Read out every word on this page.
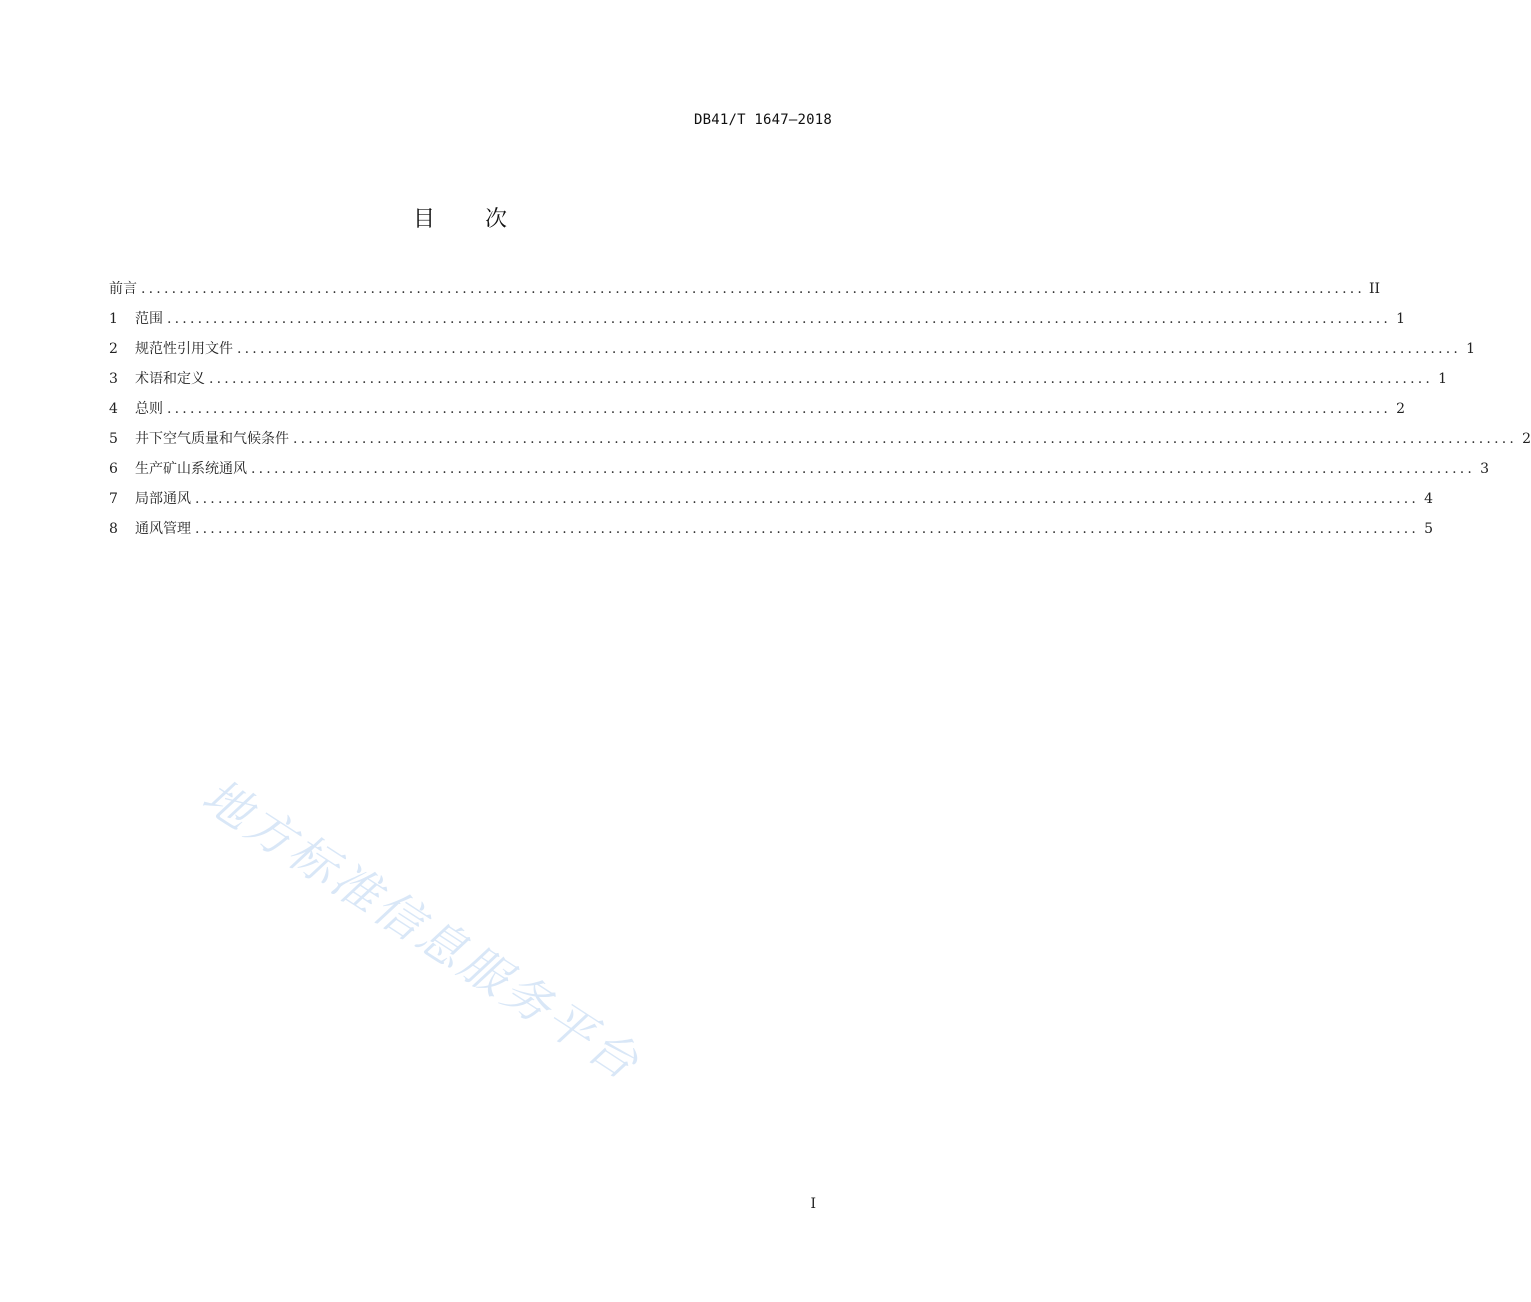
DB41/T 1647—2018
目 次
前言 ................................................................................................................................................................ II
1	范围 ................................................................................................................................................................ 1
2	规范性引用文件 ................................................................................................................................................................ 1
3	术语和定义 ................................................................................................................................................................ 1
4	总则 ................................................................................................................................................................ 2
5	井下空气质量和气候条件 ................................................................................................................................................................ 2
6	生产矿山系统通风 ................................................................................................................................................................ 3
7	局部通风 ................................................................................................................................................................ 4
8	通风管理 ................................................................................................................................................................ 5
地方标准信息服务平台
I
